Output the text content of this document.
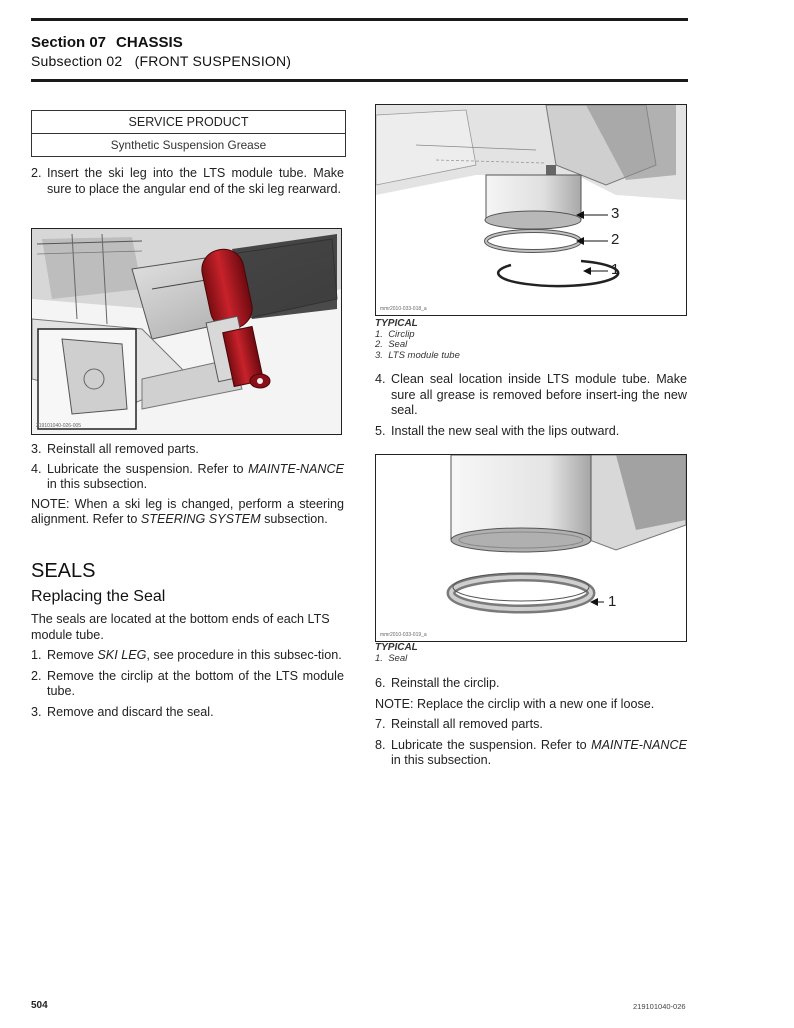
Section 07 CHASSIS
Subsection 02   (FRONT SUSPENSION)
SERVICE PRODUCT
Synthetic Suspension Grease
2. Insert the ski leg into the LTS module tube. Make sure to place the angular end of the ski leg rearward.
219101040-026-005
3. Reinstall all removed parts.
4. Lubricate the suspension. Refer to MAINTE-NANCE in this subsection.

NOTE: When a ski leg is changed, perform a steering alignment. Refer to STEERING SYSTEM subsection.

SEALS
Replacing the Seal

The seals are located at the bottom ends of each LTS module tube.

1. Remove SKI LEG, see procedure in this subsec-tion.
2. Remove the circlip at the bottom of the LTS module tube.
3. Remove and discard the seal.
3
2
1
mmr2010-033-018_a
TYPICAL
1.  Circlip
2.  Seal
3.  LTS module tube
4. Clean seal location inside LTS module tube. Make sure all grease is removed before insert-ing the new seal.
5. Install the new seal with the lips outward.
1
mmr2010-033-019_a
TYPICAL
1.  Seal
6. Reinstall the circlip.

NOTE: Replace the circlip with a new one if loose.

7. Reinstall all removed parts.
8. Lubricate the suspension. Refer to MAINTE-NANCE in this subsection.
504	219101040-026
